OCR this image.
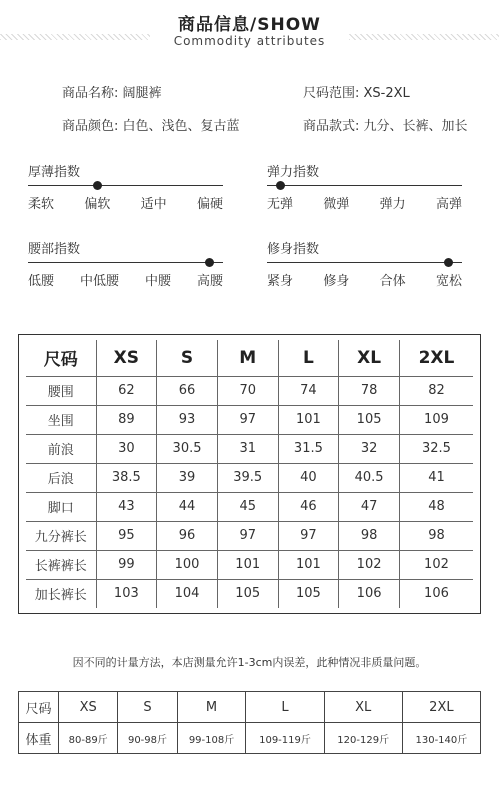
商品信息/SHOW
Commodity attributes
商品名称: 阔腿裤	尺码范围: XS-2XL
商品颜色: 白色、浅色、复古蓝	商品款式: 九分、长裤、加长
厚薄指数
柔软 偏软 适中 偏硬
弹力指数
无弹 微弹 弹力 高弹
腰部指数
低腰 中低腰 中腰 高腰
修身指数
紧身 修身 合体 宽松
尺码	XS	S	M	L	XL	2XL
腰围	62	66	70	74	78	82
坐围	89	93	97	101	105	109
前浪	30	30.5	31	31.5	32	32.5
后浪	38.5	39	39.5	40	40.5	41
脚口	43	44	45	46	47	48
九分裤长	95	96	97	97	98	98
长裤裤长	99	100	101	101	102	102
加长裤长	103	104	105	105	106	106
因不同的计量方法，本店测量允许1-3cm内误差，此种情况非质量问题。
尺码	XS	S	M	L	XL	2XL
体重	80-89斤	90-98斤	99-108斤	109-119斤	120-129斤	130-140斤
